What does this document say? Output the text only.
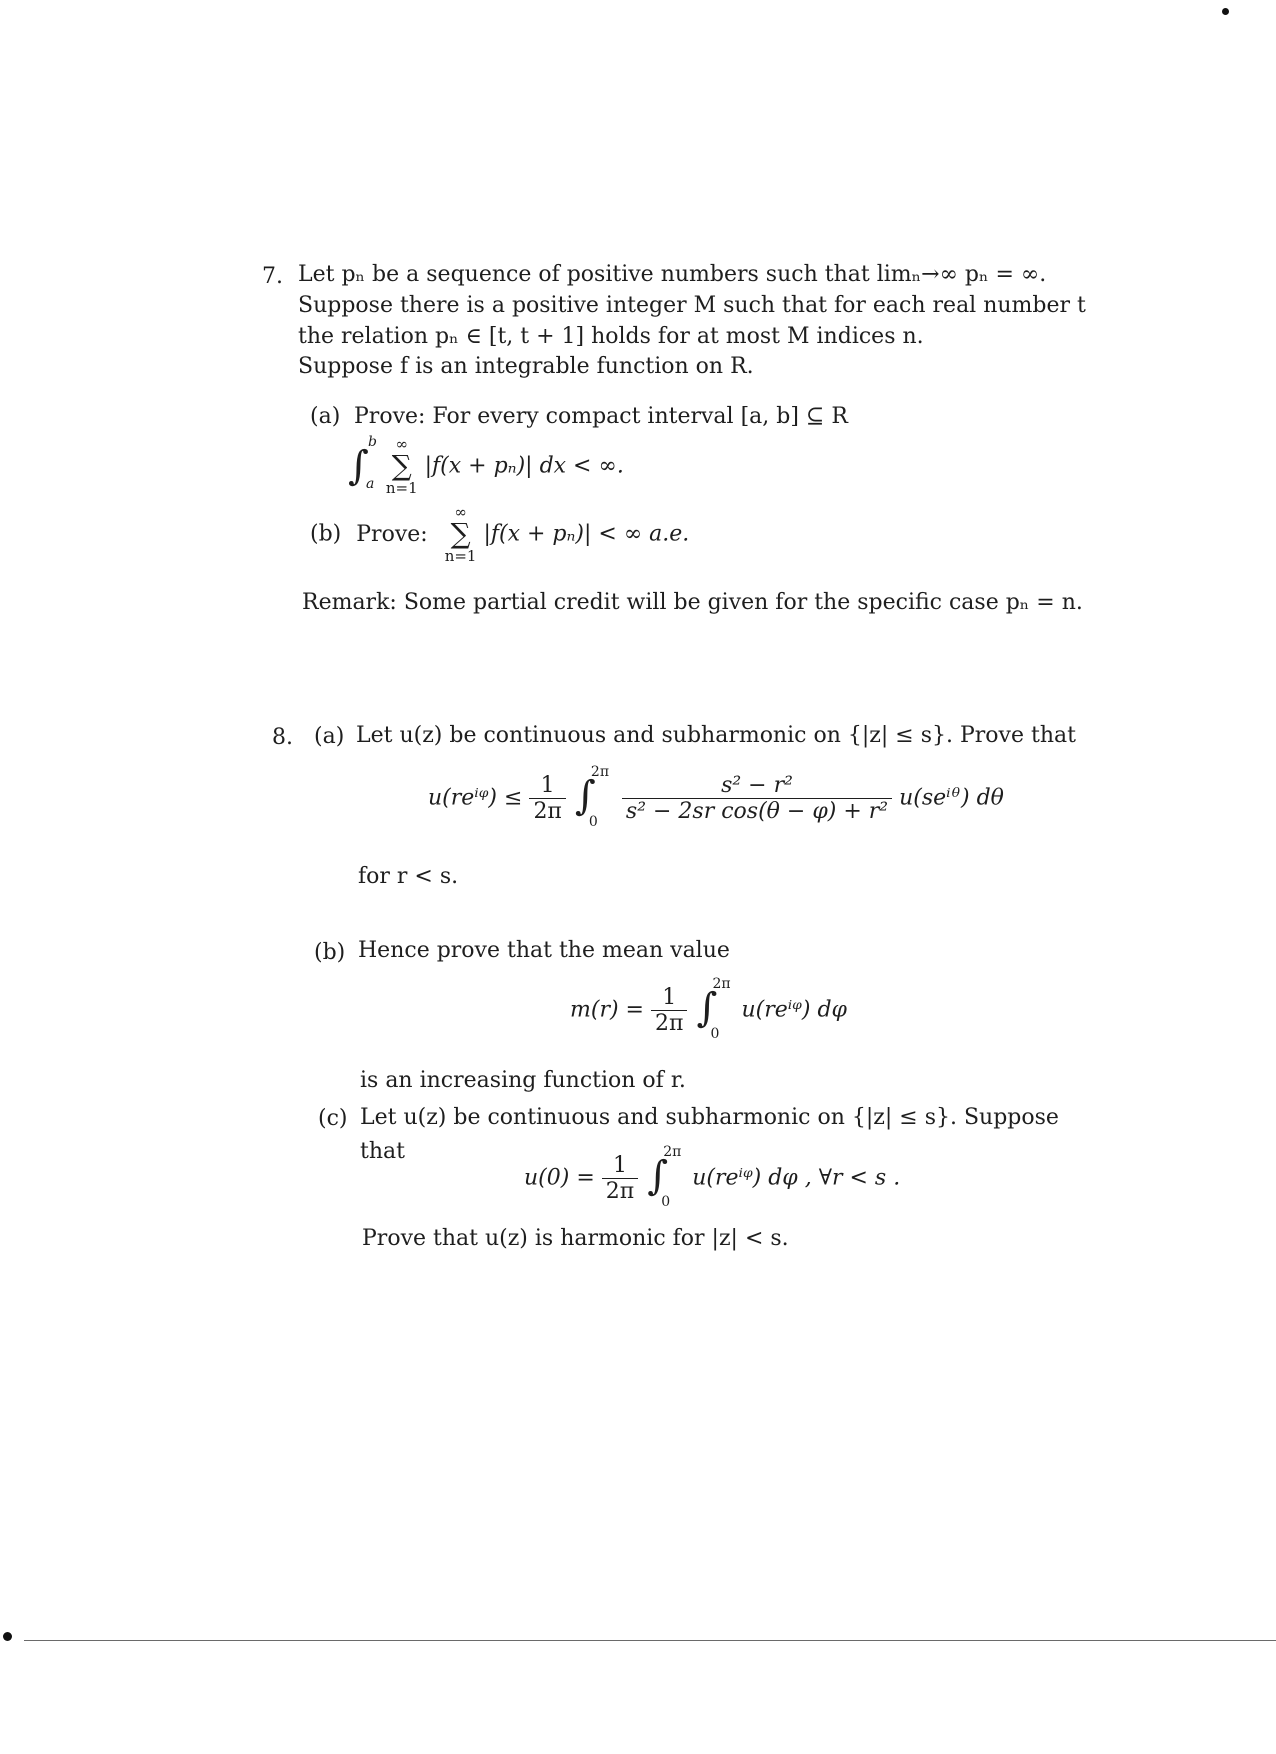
7. Let pₙ be a sequence of positive numbers such that limₙ→∞ pₙ = ∞.
Suppose there is a positive integer M such that for each real number t
the relation pₙ ∈ [t, t + 1] holds for at most M indices n.
Suppose f is an integrable function on R.
(a) Prove: For every compact interval [a, b] ⊆ R
∫
b
a
∞
∑
n=1
|f(x + pₙ)| dx < ∞.
(b) Prove:
∞
∑
n=1
|f(x + pₙ)| < ∞ a.e.
Remark: Some partial credit will be given for the specific case pₙ = n.
8. (a) Let u(z) be continuous and subharmonic on {|z| ≤ s}. Prove that
u(reⁱᵠ) ≤ $\frac{1}{2\pi}$
∫
2π
0
$\frac{\text{s² − r²}}{\text{s² − 2sr cos(θ − φ) + r²}}$ u(seⁱᶿ) dθ
for r < s.
(b) Hence prove that the mean value
$m(r) = \frac{1}{2\pi}$
∫
2π
0
u(reⁱᵠ) dφ
is an increasing function of r.
(c) Let u(z) be continuous and subharmonic on {|z| ≤ s}. Suppose
that
$u(0) = \frac{1}{2\pi}$
∫
2π
0
u(reⁱᵠ) dφ , ∀r < s .
Prove that u(z) is harmonic for |z| < s.
